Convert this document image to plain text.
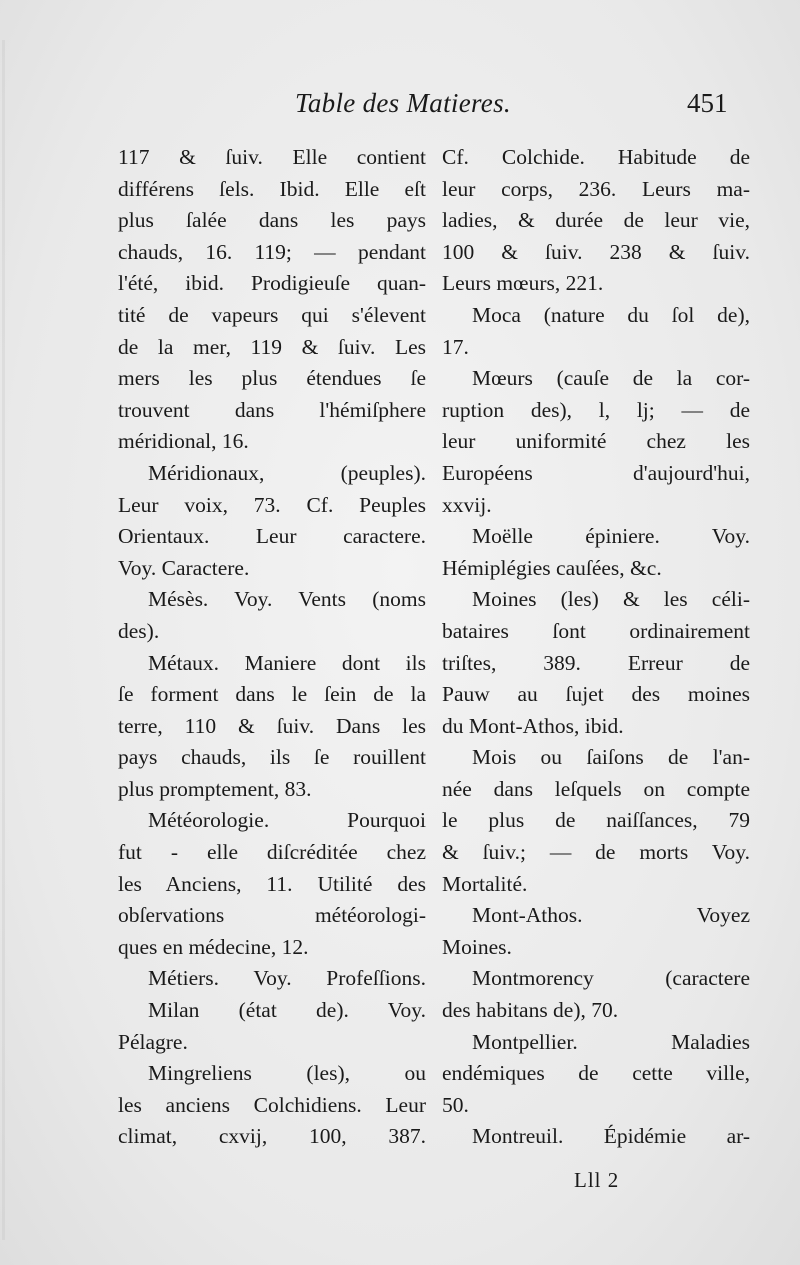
Table des Matieres.	451
117 & ſuiv. Elle contient
différens ſels. Ibid. Elle eſt
plus ſalée dans les pays
chauds, 16. 119; — pendant
l'été, ibid. Prodigieuſe quan-
tité de vapeurs qui s'élevent
de la mer, 119 & ſuiv. Les
mers les plus étendues ſe
trouvent dans l'hémiſphere
méridional, 16.
Méridionaux, (peuples).
Leur voix, 73. Cf. Peuples
Orientaux. Leur caractere.
Voy. Caractere.
Mésès. Voy. Vents (noms
des).
Métaux. Maniere dont ils
ſe forment dans le ſein de la
terre, 110 & ſuiv. Dans les
pays chauds, ils ſe rouillent
plus promptement, 83.
Météorologie. Pourquoi
fut - elle diſcréditée chez
les Anciens, 11. Utilité des
obſervations météorologi-
ques en médecine, 12.
Métiers. Voy. Profeſſions.
Milan (état de). Voy.
Pélagre.
Mingreliens (les), ou
les anciens Colchidiens. Leur
climat, cxvij, 100, 387.
Cf. Colchide. Habitude de
leur corps, 236. Leurs ma-
ladies, & durée de leur vie,
100 & ſuiv. 238 & ſuiv.
Leurs mœurs, 221.
Moca (nature du ſol de),
17.
Mœurs (cauſe de la cor-
ruption des), l, lj; — de
leur uniformité chez les
Européens d'aujourd'hui,
xxvij.
Moëlle épiniere. Voy.
Hémiplégies cauſées, &c.
Moines (les) & les céli-
bataires ſont ordinairement
triſtes, 389. Erreur de
Pauw au ſujet des moines
du Mont-Athos, ibid.
Mois ou ſaiſons de l'an-
née dans leſquels on compte
le plus de naiſſances, 79
& ſuiv.; — de morts Voy.
Mortalité.
Mont-Athos. Voyez
Moines.
Montmorency (caractere
des habitans de), 70.
Montpellier. Maladies
endémiques de cette ville,
50.
Montreuil. Épidémie ar-
Lll 2
